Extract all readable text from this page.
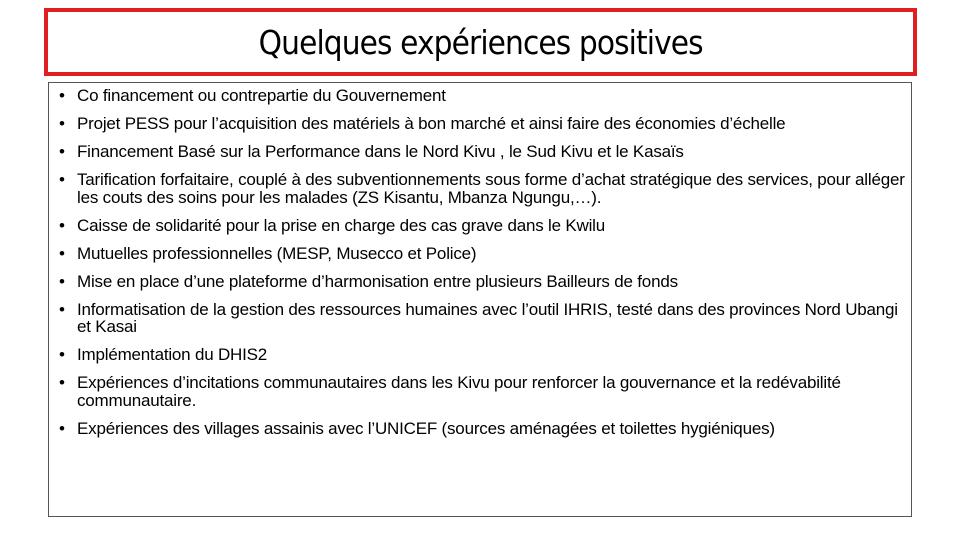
Quelques expériences positives
• Co financement ou contrepartie du Gouvernement
• Projet PESS pour l’acquisition des matériels à bon marché et ainsi faire des économies d’échelle
• Financement Basé sur la Performance dans le Nord Kivu , le Sud Kivu et le Kasaïs
• Tarification forfaitaire, couplé à des subventionnements sous forme d’achat stratégique des services, pour alléger les couts des soins pour les malades (ZS Kisantu, Mbanza Ngungu,…).
• Caisse de solidarité pour la prise en charge des cas grave dans le Kwilu
• Mutuelles professionnelles (MESP, Musecco et Police)
• Mise en place d’une plateforme d’harmonisation entre plusieurs Bailleurs de fonds
• Informatisation de la gestion des ressources humaines avec l’outil IHRIS, testé dans des provinces Nord Ubangi et Kasai
• Implémentation du DHIS2
• Expériences d’incitations communautaires dans les Kivu pour renforcer la gouvernance et la redévabilité communautaire.
• Expériences des villages assainis avec l’UNICEF (sources aménagées et toilettes hygiéniques)
